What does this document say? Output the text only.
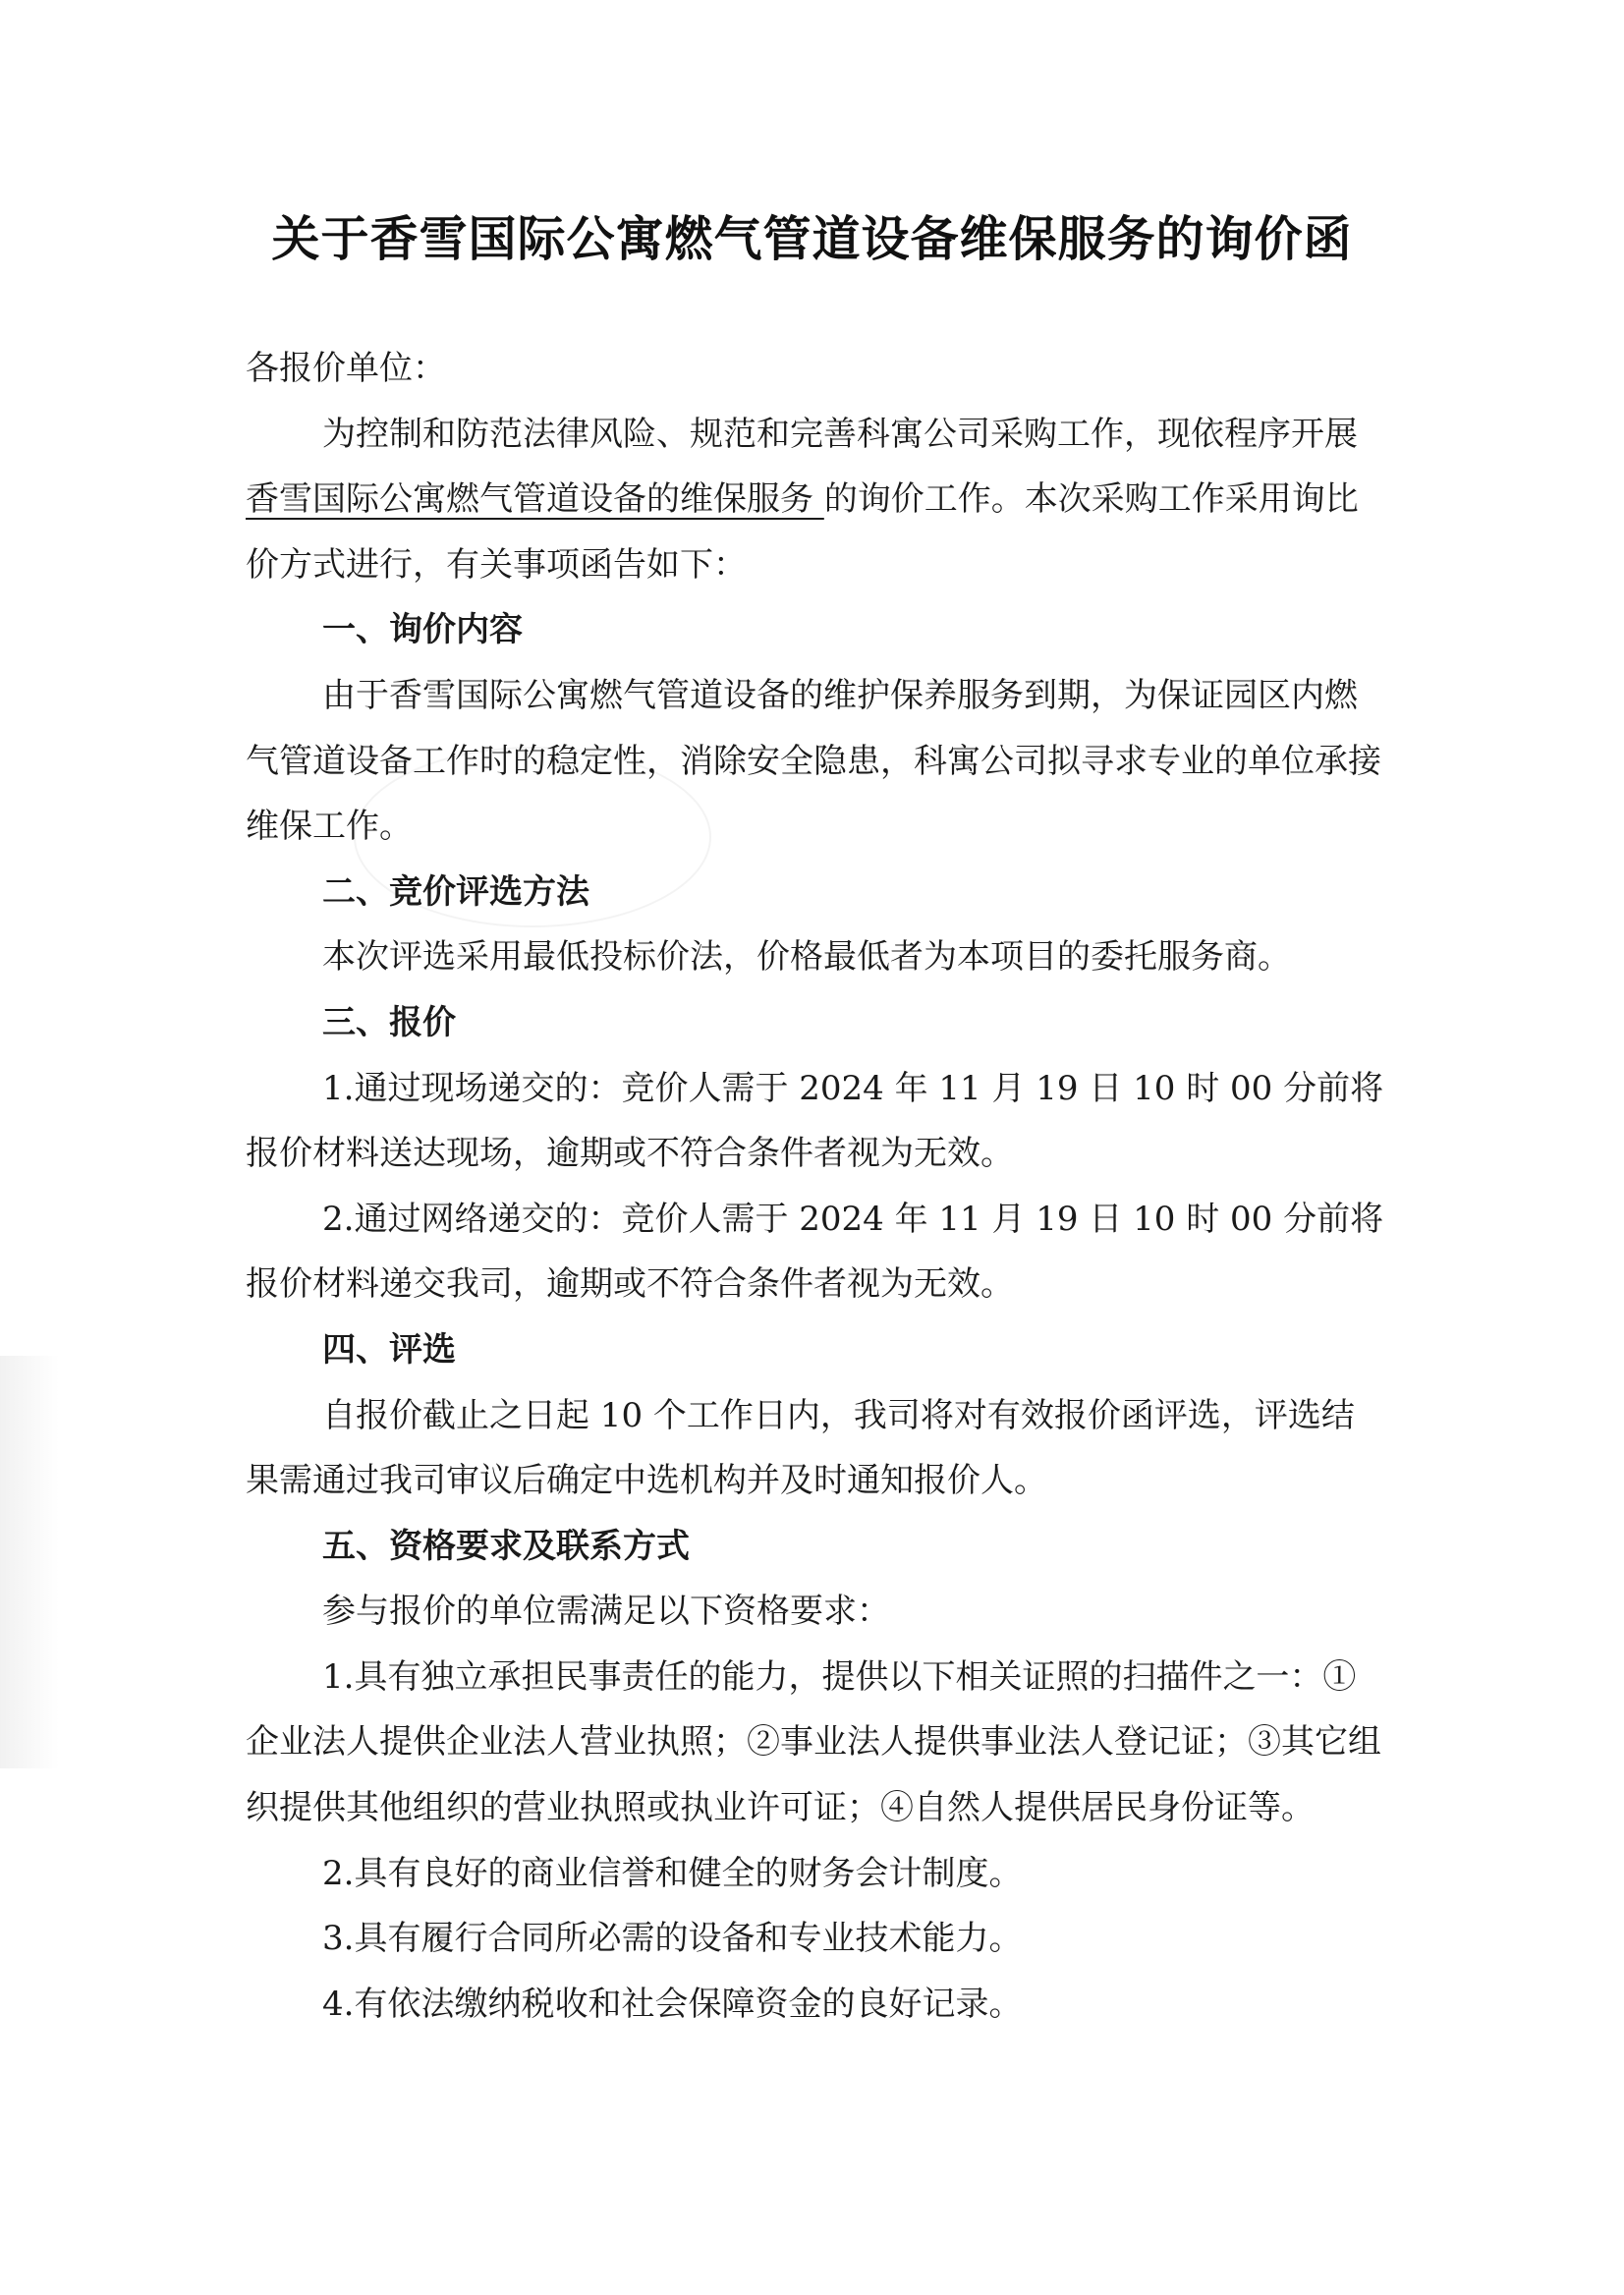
关于香雪国际公寓燃气管道设备维保服务的询价函

各报价单位：

为控制和防范法律风险、规范和完善科寓公司采购工作，现依程序开展 香雪国际公寓燃气管道设备的维保服务 的询价工作。本次采购工作采用询比价方式进行，有关事项函告如下：

一、询价内容

由于香雪国际公寓燃气管道设备的维护保养服务到期，为保证园区内燃气管道设备工作时的稳定性，消除安全隐患，科寓公司拟寻求专业的单位承接维保工作。

二、竞价评选方法

本次评选采用最低投标价法，价格最低者为本项目的委托服务商。

三、报价

1.通过现场递交的：竞价人需于 2024 年 11 月 19 日 10 时 00 分前将报价材料送达现场，逾期或不符合条件者视为无效。

2.通过网络递交的：竞价人需于 2024 年 11 月 19 日 10 时 00 分前将报价材料递交我司，逾期或不符合条件者视为无效。

四、评选

自报价截止之日起 10 个工作日内，我司将对有效报价函评选，评选结果需通过我司审议后确定中选机构并及时通知报价人。

五、资格要求及联系方式

参与报价的单位需满足以下资格要求：

1.具有独立承担民事责任的能力，提供以下相关证照的扫描件之一：①企业法人提供企业法人营业执照；②事业法人提供事业法人登记证；③其它组织提供其他组织的营业执照或执业许可证；④自然人提供居民身份证等。

2.具有良好的商业信誉和健全的财务会计制度。

3.具有履行合同所必需的设备和专业技术能力。

4.有依法缴纳税收和社会保障资金的良好记录。
